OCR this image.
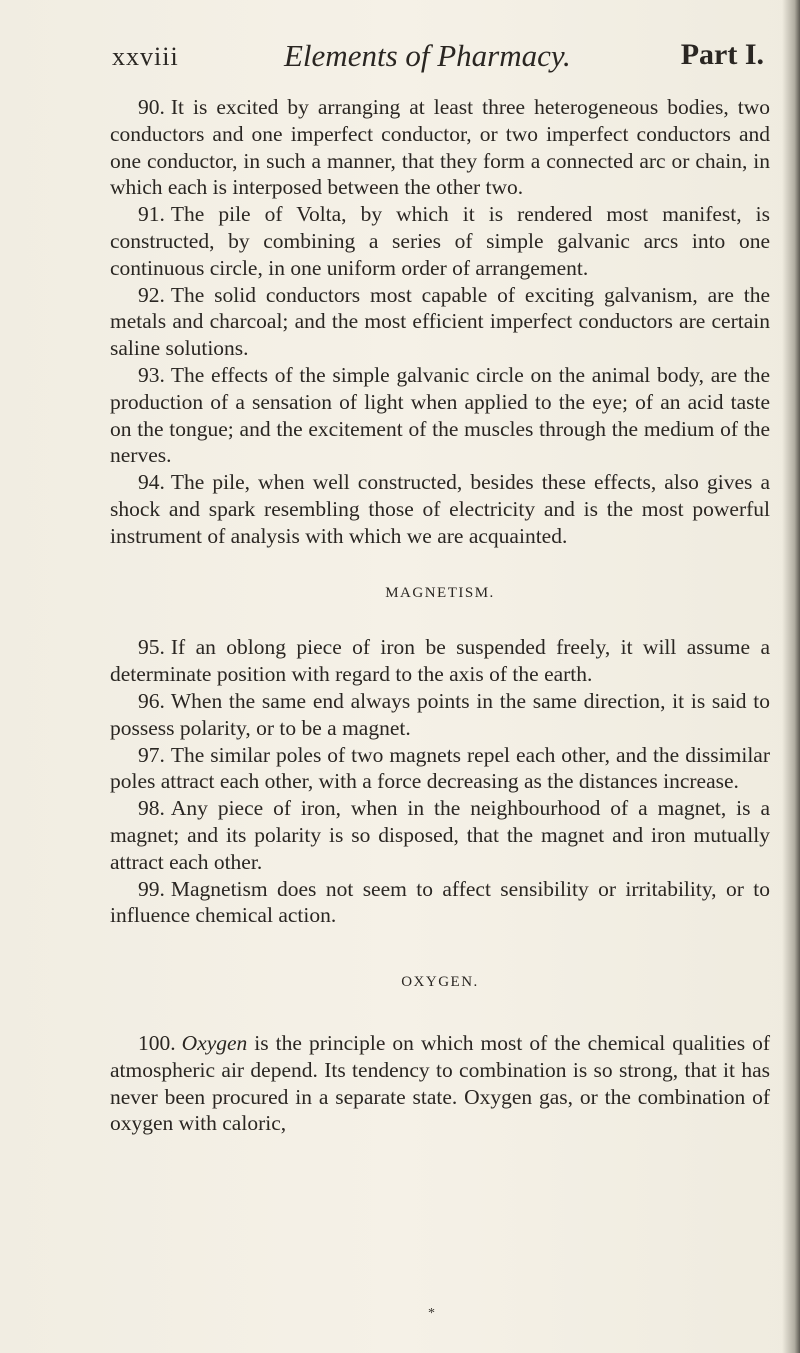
xxviii	Elements of Pharmacy.	Part I.

90. It is excited by arranging at least three heterogeneous bodies, two conductors and one imperfect conductor, or two imperfect conductors and one conductor, in such a manner, that they form a connected arc or chain, in which each is interposed between the other two.

91. The pile of Volta, by which it is rendered most manifest, is constructed, by combining a series of simple galvanic arcs into one continuous circle, in one uniform order of arrangement.

92. The solid conductors most capable of exciting galvanism, are the metals and charcoal; and the most efficient imperfect conductors are certain saline solutions.

93. The effects of the simple galvanic circle on the animal body, are the production of a sensation of light when applied to the eye; of an acid taste on the tongue; and the excitement of the muscles through the medium of the nerves.

94. The pile, when well constructed, besides these effects, also gives a shock and spark resembling those of electricity and is the most powerful instrument of analysis with which we are acquainted.

MAGNETISM.

95. If an oblong piece of iron be suspended freely, it will assume a determinate position with regard to the axis of the earth.

96. When the same end always points in the same direction, it is said to possess polarity, or to be a magnet.

97. The similar poles of two magnets repel each other, and the dissimilar poles attract each other, with a force decreasing as the distances increase.

98. Any piece of iron, when in the neighbourhood of a magnet, is a magnet; and its polarity is so disposed, that the magnet and iron mutually attract each other.

99. Magnetism does not seem to affect sensibility or irritability, or to influence chemical action.

OXYGEN.

100. Oxygen is the principle on which most of the chemical qualities of atmospheric air depend. Its tendency to combination is so strong, that it has never been procured in a separate state. Oxygen gas, or the combination of oxygen with caloric,

*
